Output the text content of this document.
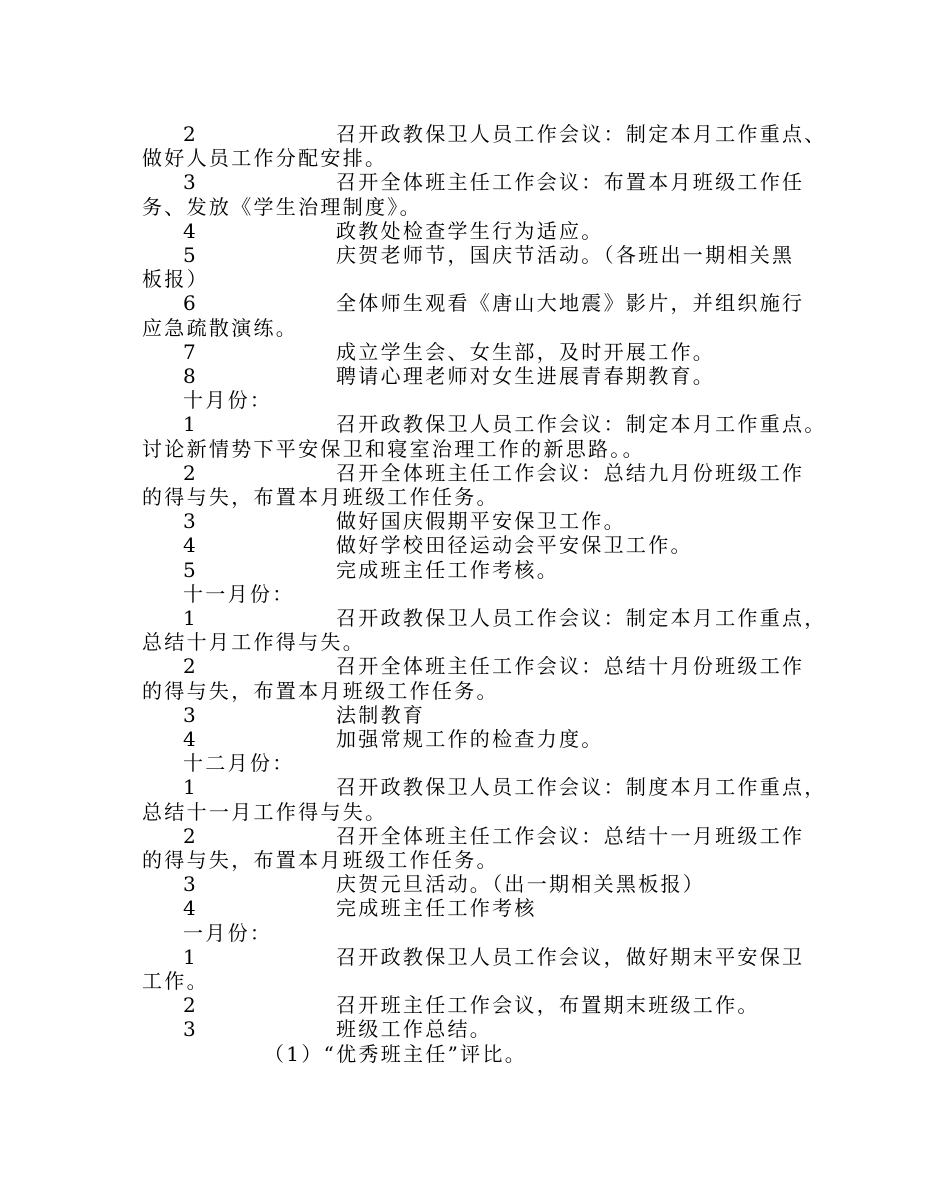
2	召开政教保卫人员工作会议：制定本月工作重点、
做好人员工作分配安排。
3	召开全体班主任工作会议：布置本月班级工作任
务、发放《学生治理制度》。
4	政教处检查学生行为适应。
5	庆贺老师节，国庆节活动。（各班出一期相关黑
板报）
6	全体师生观看《唐山大地震》影片，并组织施行
应急疏散演练。
7	成立学生会、女生部，及时开展工作。
8	聘请心理老师对女生进展青春期教育。
十月份：
1	召开政教保卫人员工作会议：制定本月工作重点。
讨论新情势下平安保卫和寝室治理工作的新思路。。
2	召开全体班主任工作会议：总结九月份班级工作
的得与失，布置本月班级工作任务。
3	做好国庆假期平安保卫工作。
4	做好学校田径运动会平安保卫工作。
5	完成班主任工作考核。
十一月份：
1	召开政教保卫人员工作会议：制定本月工作重点，
总结十月工作得与失。
2	召开全体班主任工作会议：总结十月份班级工作
的得与失，布置本月班级工作任务。
3	法制教育
4	加强常规工作的检查力度。
十二月份：
1	召开政教保卫人员工作会议：制度本月工作重点，
总结十一月工作得与失。
2	召开全体班主任工作会议：总结十一月班级工作
的得与失，布置本月班级工作任务。
3	庆贺元旦活动。（出一期相关黑板报）
4	完成班主任工作考核
一月份：
1	召开政教保卫人员工作会议，做好期末平安保卫
工作。
2	召开班主任工作会议，布置期末班级工作。
3	班级工作总结。
（1）“优秀班主任”评比。
